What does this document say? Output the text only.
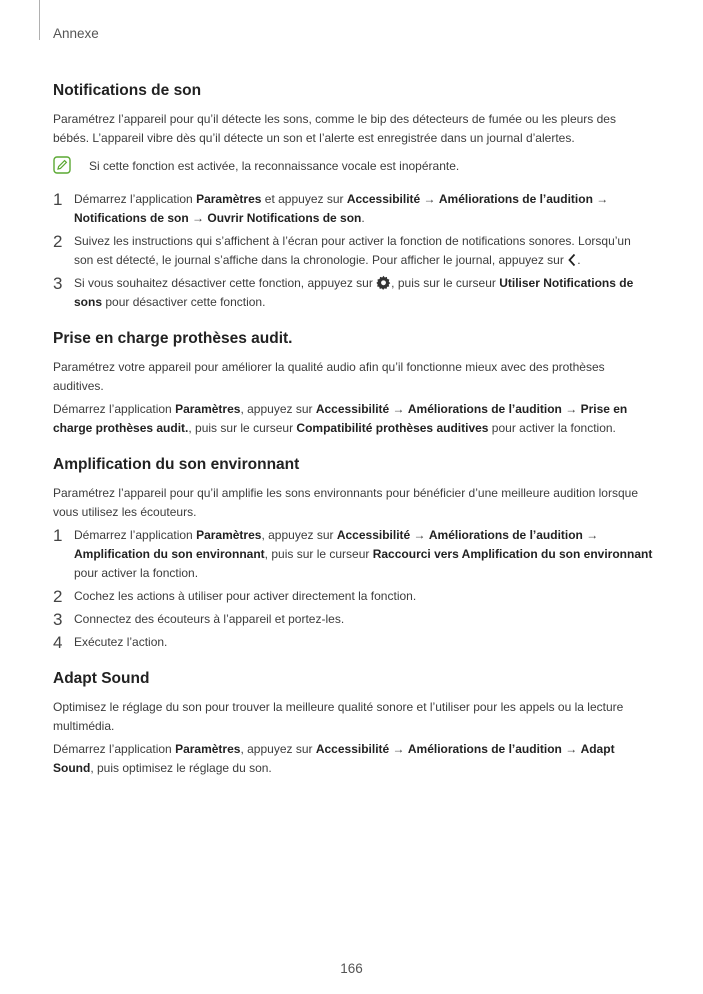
Annexe
Notifications de son

Paramétrez l’appareil pour qu’il détecte les sons, comme le bip des détecteurs de fumée ou les pleurs des bébés. L’appareil vibre dès qu’il détecte un son et l’alerte est enregistrée dans un journal d’alertes.

Si cette fonction est activée, la reconnaissance vocale est inopérante.

1 Démarrez l’application Paramètres et appuyez sur Accessibilité → Améliorations de l’audition → Notifications de son → Ouvrir Notifications de son.

2 Suivez les instructions qui s’affichent à l’écran pour activer la fonction de notifications sonores. Lorsqu’un son est détecté, le journal s’affiche dans la chronologie. Pour afficher le journal, appuyez sur .

3 Si vous souhaitez désactiver cette fonction, appuyez sur , puis sur le curseur Utiliser Notifications de sons pour désactiver cette fonction.

Prise en charge prothèses audit.

Paramétrez votre appareil pour améliorer la qualité audio afin qu’il fonctionne mieux avec des prothèses auditives.

Démarrez l’application Paramètres, appuyez sur Accessibilité → Améliorations de l’audition → Prise en charge prothèses audit., puis sur le curseur Compatibilité prothèses auditives pour activer la fonction.

Amplification du son environnant

Paramétrez l’appareil pour qu’il amplifie les sons environnants pour bénéficier d’une meilleure audition lorsque vous utilisez les écouteurs.

1 Démarrez l’application Paramètres, appuyez sur Accessibilité → Améliorations de l’audition → Amplification du son environnant, puis sur le curseur Raccourci vers Amplification du son environnant pour activer la fonction.

2 Cochez les actions à utiliser pour activer directement la fonction.

3 Connectez des écouteurs à l’appareil et portez-les.

4 Exécutez l’action.

Adapt Sound

Optimisez le réglage du son pour trouver la meilleure qualité sonore et l’utiliser pour les appels ou la lecture multimédia.

Démarrez l’application Paramètres, appuyez sur Accessibilité → Améliorations de l’audition → Adapt Sound, puis optimisez le réglage du son.

166
